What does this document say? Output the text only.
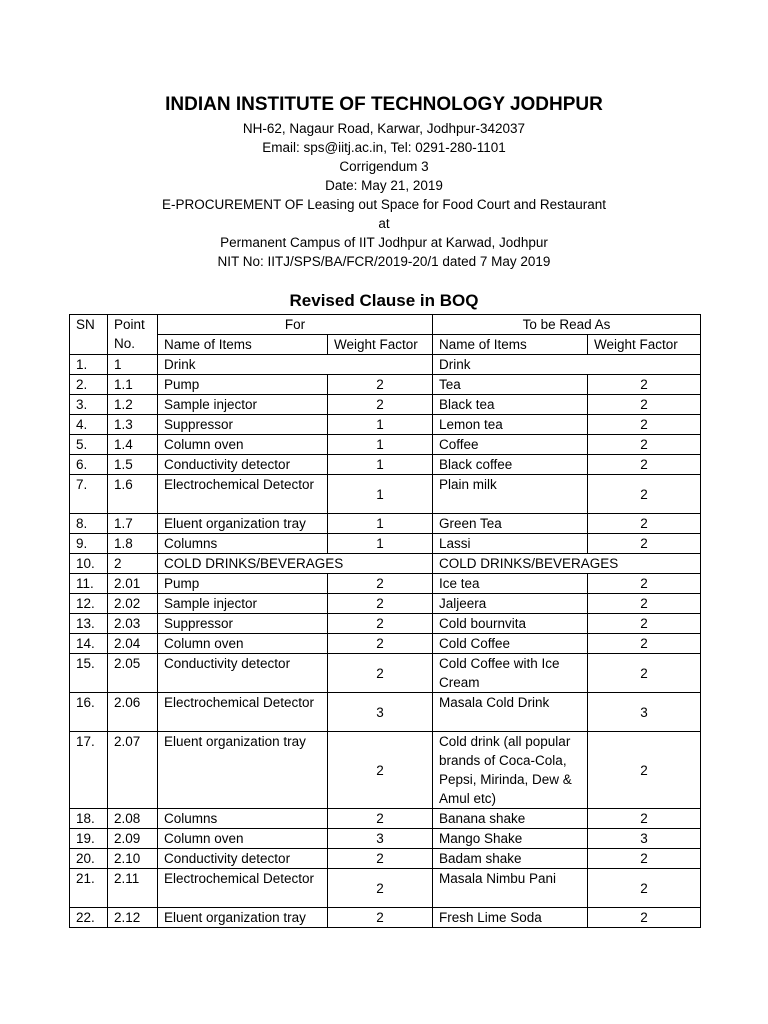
INDIAN INSTITUTE OF TECHNOLOGY JODHPUR
NH-62, Nagaur Road, Karwar, Jodhpur-342037
Email: sps@iitj.ac.in, Tel: 0291-280-1101
Corrigendum 3
Date: May 21, 2019
E-PROCUREMENT OF Leasing out Space for Food Court and Restaurant
at
Permanent Campus of IIT Jodhpur at Karwad, Jodhpur
NIT No: IITJ/SPS/BA/FCR/2019-20/1 dated 7 May 2019
Revised Clause in BOQ
SN	Point No.	For		To be Read As	
		Name of Items	Weight Factor	Name of Items	Weight Factor
1.	1	Drink		Drink	
2.	1.1	Pump	2	Tea	2
3.	1.2	Sample injector	2	Black tea	2
4.	1.3	Suppressor	1	Lemon tea	2
5.	1.4	Column oven	1	Coffee	2
6.	1.5	Conductivity detector	1	Black coffee	2
7.	1.6	Electrochemical Detector	1	Plain milk	2
8.	1.7	Eluent organization tray	1	Green Tea	2
9.	1.8	Columns	1	Lassi	2
10.	2	COLD DRINKS/BEVERAGES		COLD DRINKS/BEVERAGES	
11.	2.01	Pump	2	Ice tea	2
12.	2.02	Sample injector	2	Jaljeera	2
13.	2.03	Suppressor	2	Cold bournvita	2
14.	2.04	Column oven	2	Cold Coffee	2
15.	2.05	Conductivity detector	2	Cold Coffee with Ice Cream	2
16.	2.06	Electrochemical Detector	3	Masala Cold Drink	3
17.	2.07	Eluent organization tray	2	Cold drink (all popular brands of Coca-Cola, Pepsi, Mirinda, Dew & Amul etc)	2
18.	2.08	Columns	2	Banana shake	2
19.	2.09	Column oven	3	Mango Shake	3
20.	2.10	Conductivity detector	2	Badam shake	2
21.	2.11	Electrochemical Detector	2	Masala Nimbu Pani	2
22.	2.12	Eluent organization tray	2	Fresh Lime Soda	2
